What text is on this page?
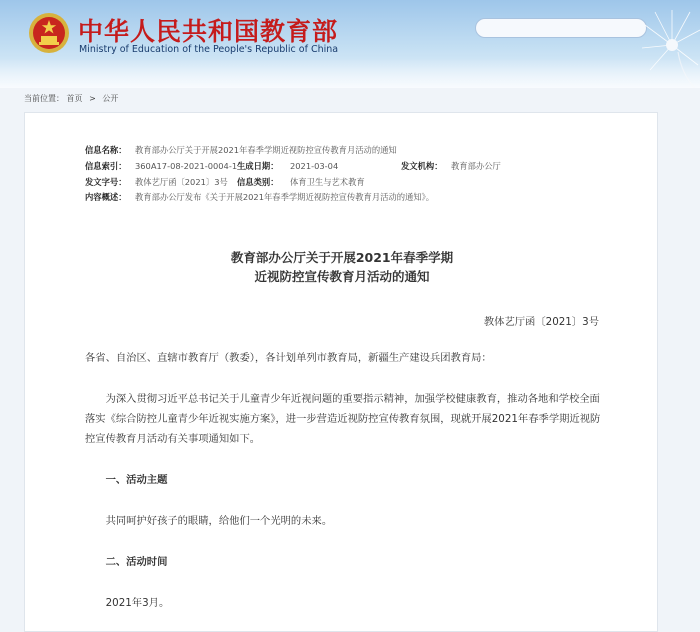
中华人民共和国教育部
Ministry of Education of the People's Republic of China
当前位置： 首页 > 公开
信息名称： 教育部办公厅关于开展2021年春季学期近视防控宣传教育月活动的通知
信息索引： 360A17-08-2021-0004-1 生成日期： 2021-03-04	发文机构： 教育部办公厅
发文字号： 教体艺厅函〔2021〕3号 信息类别： 体育卫生与艺术教育
内容概述： 教育部办公厅发布《关于开展2021年春季学期近视防控宣传教育月活动的通知》。
教育部办公厅关于开展2021年春季学期
近视防控宣传教育月活动的通知
教体艺厅函〔2021〕3号
各省、自治区、直辖市教育厅（教委），各计划单列市教育局，新疆生产建设兵团教育局：
为深入贯彻习近平总书记关于儿童青少年近视问题的重要指示精神，加强学校健康教育，推动各地和学校全面落实《综合防控儿童青少年近视实施方案》，进一步营造近视防控宣传教育氛围，现就开展2021年春季学期近视防控宣传教育月活动有关事项通知如下。
一、活动主题
共同呵护好孩子的眼睛，给他们一个光明的未来。
二、活动时间
2021年3月。
